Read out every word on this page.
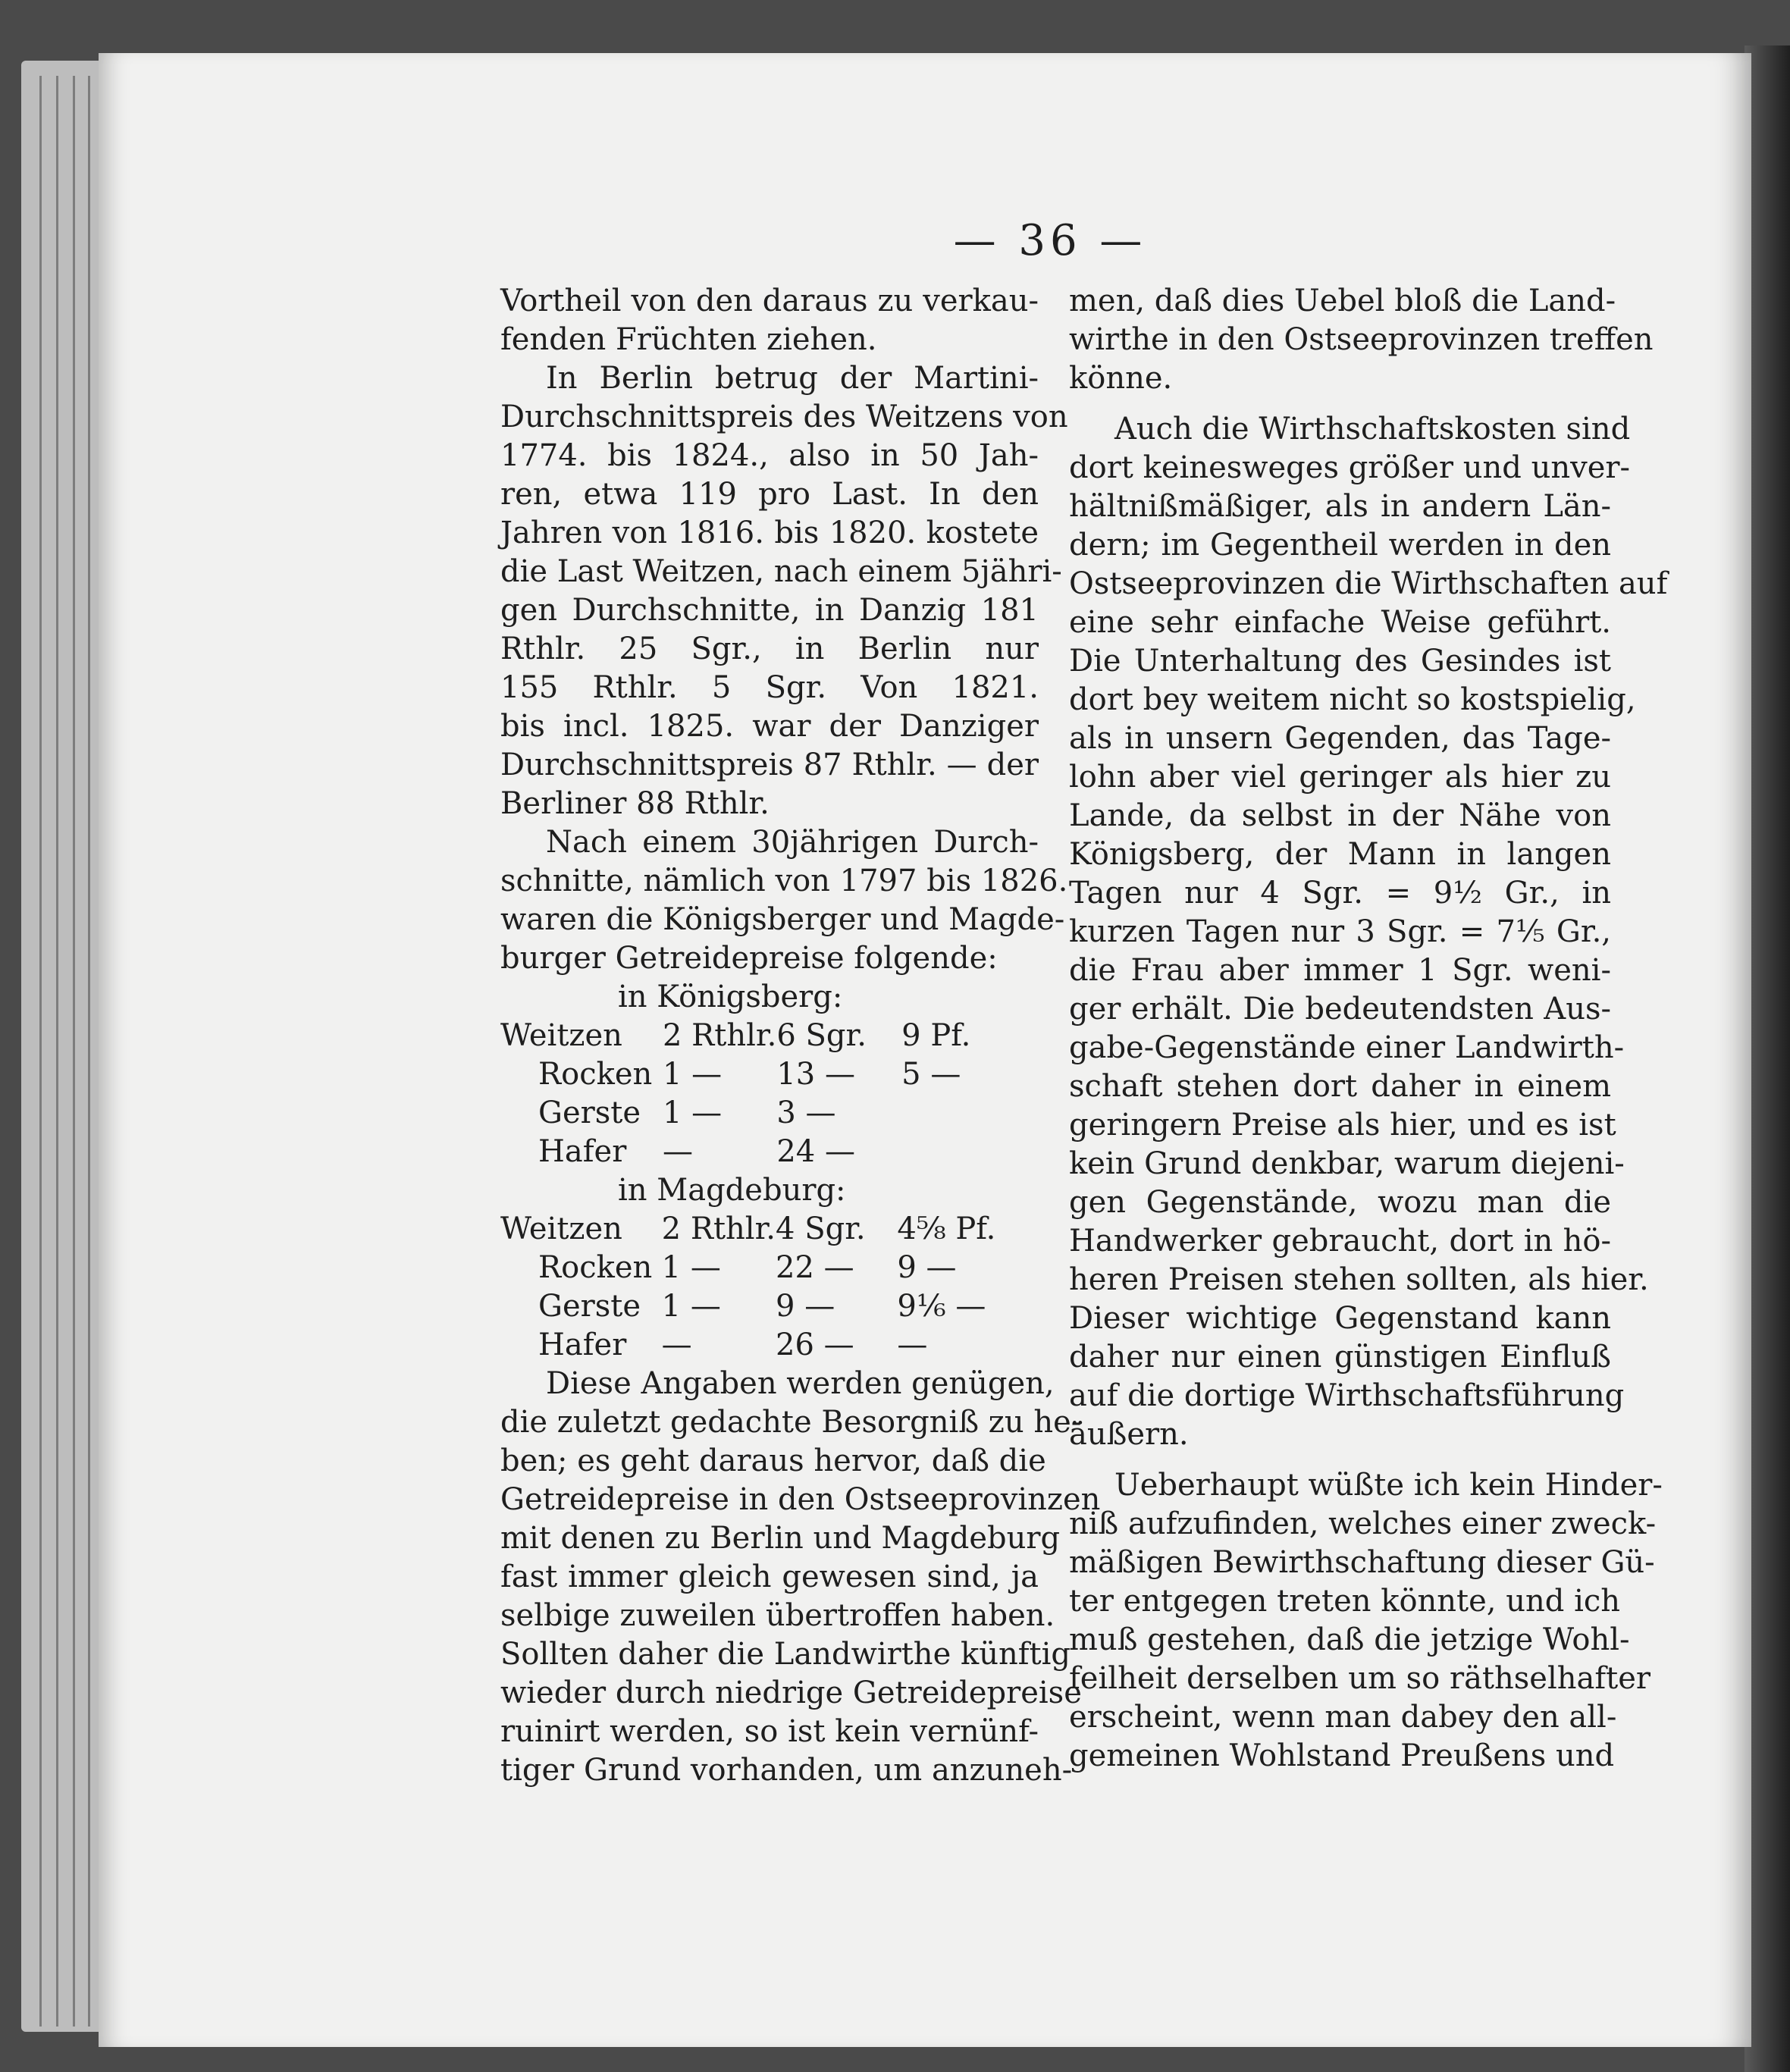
— 36 —
Vortheil von den daraus zu verkau-
fenden Früchten ziehen.
In Berlin betrug der Martini-
Durchschnittspreis des Weitzens von
1774. bis 1824., also in 50 Jah-
ren, etwa 119 pro Last. In den
Jahren von 1816. bis 1820. kostete
die Last Weitzen, nach einem 5jähri-
gen Durchschnitte, in Danzig 181
Rthlr. 25 Sgr., in Berlin nur
155 Rthlr. 5 Sgr. Von 1821.
bis incl. 1825. war der Danziger
Durchschnittspreis 87 Rthlr. — der
Berliner 88 Rthlr.
Nach einem 30jährigen Durch-
schnitte, nämlich von 1797 bis 1826.
waren die Königsberger und Magde-
burger Getreidepreise folgende:
in Königsberg:
Weitzen	2 Rthlr.	6 Sgr.	9 Pf.	
Rocken	1 —	13 —	5 —	
Gerste	1 —	3 —		
Hafer	—	24 —		
in Magdeburg:
Weitzen	2 Rthlr.	4 Sgr.	4⅝ Pf.	
Rocken	1 —	22 —	9 —	
Gerste	1 —	9 —	9⅙ —	
Hafer	—	26 —	—	
Diese Angaben werden genügen,
die zuletzt gedachte Besorgniß zu he-
ben; es geht daraus hervor, daß die
Getreidepreise in den Ostseeprovinzen
mit denen zu Berlin und Magdeburg
fast immer gleich gewesen sind, ja
selbige zuweilen übertroffen haben.
Sollten daher die Landwirthe künftig
wieder durch niedrige Getreidepreise
ruinirt werden, so ist kein vernünf-
tiger Grund vorhanden, um anzuneh-
men, daß dies Uebel bloß die Land-
wirthe in den Ostseeprovinzen treffen
könne.
Auch die Wirthschaftskosten sind
dort keinesweges größer und unver-
hältnißmäßiger, als in andern Län-
dern; im Gegentheil werden in den
Ostseeprovinzen die Wirthschaften auf
eine sehr einfache Weise geführt.
Die Unterhaltung des Gesindes ist
dort bey weitem nicht so kostspielig,
als in unsern Gegenden, das Tage-
lohn aber viel geringer als hier zu
Lande, da selbst in der Nähe von
Königsberg, der Mann in langen
Tagen nur 4 Sgr. = 9½ Gr., in
kurzen Tagen nur 3 Sgr. = 7⅕ Gr.,
die Frau aber immer 1 Sgr. weni-
ger erhält. Die bedeutendsten Aus-
gabe-Gegenstände einer Landwirth-
schaft stehen dort daher in einem
geringern Preise als hier, und es ist
kein Grund denkbar, warum diejeni-
gen Gegenstände, wozu man die
Handwerker gebraucht, dort in hö-
heren Preisen stehen sollten, als hier.
Dieser wichtige Gegenstand kann
daher nur einen günstigen Einfluß
auf die dortige Wirthschaftsführung
äußern.
Ueberhaupt wüßte ich kein Hinder-
niß aufzufinden, welches einer zweck-
mäßigen Bewirthschaftung dieser Gü-
ter entgegen treten könnte, und ich
muß gestehen, daß die jetzige Wohl-
feilheit derselben um so räthselhafter
erscheint, wenn man dabey den all-
gemeinen Wohlstand Preußens und
